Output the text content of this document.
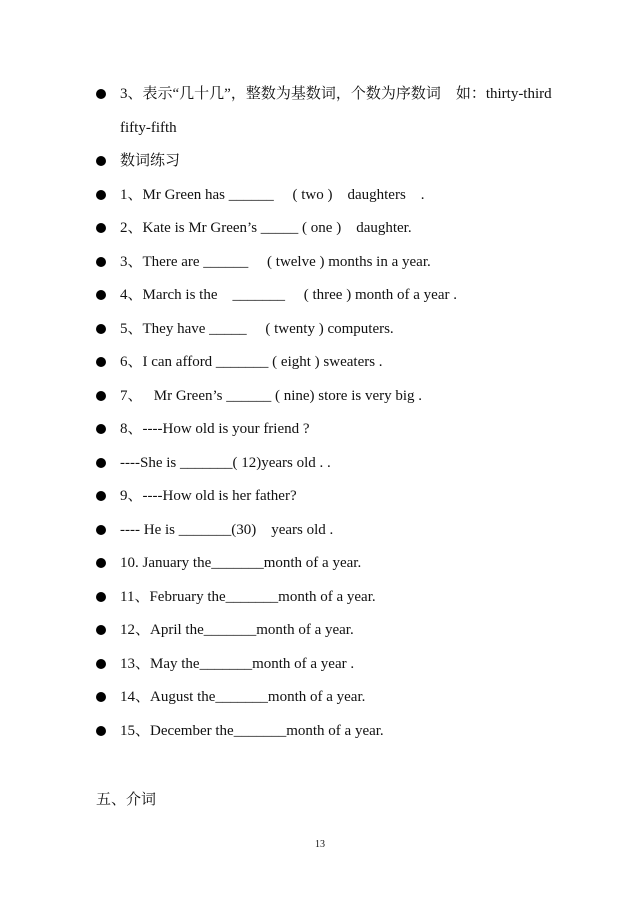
3、表示“几十几”，整数为基数词，个数为序数词    如：thirty-third
fifty-fifth
数词练习
1、Mr Green has ______     ( two )    daughters    .
2、Kate is Mr Green’s _____ ( one )    daughter.
3、There are ______     ( twelve ) months in a year.
4、March is the    _______     ( three ) month of a year .
5、They have _____     ( twenty ) computers.
6、I can afford _______ ( eight ) sweaters .
7、   Mr Green’s ______ ( nine) store is very big .
8、----How old is your friend ?
----She is _______( 12)years old . .
9、----How old is her father?
---- He is _______(30)    years old .
10. January the_______month of a year.
11、February the_______month of a year.
12、April the_______month of a year.
13、May the_______month of a year .
14、August the_______month of a year.
15、December the_______month of a year.
五、介词
13
